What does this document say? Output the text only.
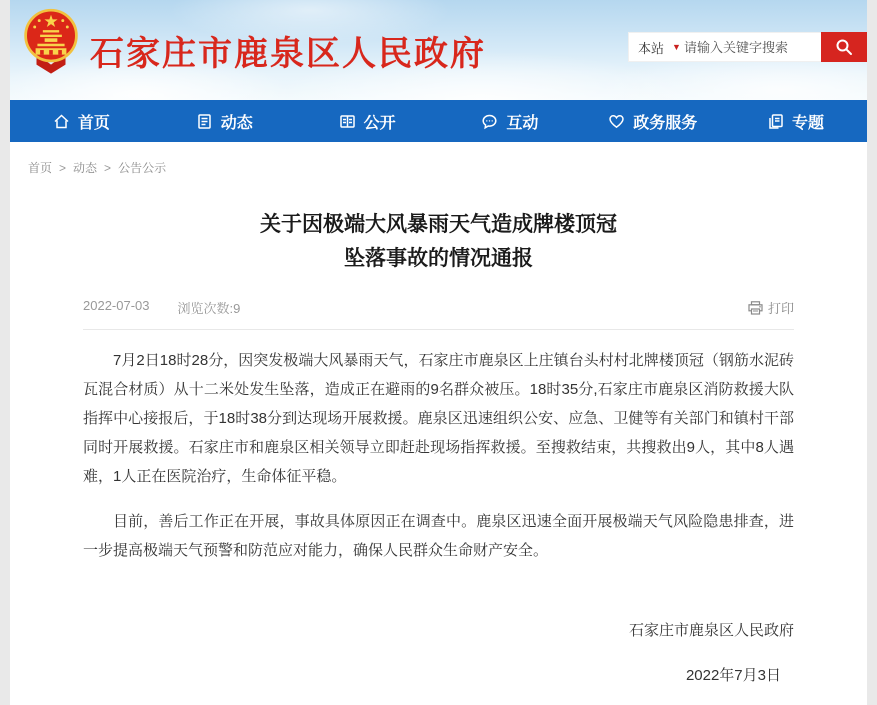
石家庄市鹿泉区人民政府	本站 ▼
请输入关键字搜索
首页	动态	公开	互动	政务服务	专题
首页 > 动态 > 公告公示
关于因极端大风暴雨天气造成牌楼顶冠
坠落事故的情况通报
2022-07-03 浏览次数:9	打印

7月2日18时28分，因突发极端大风暴雨天气，石家庄市鹿泉区上庄镇台头村村北牌楼顶冠（钢筋水泥砖瓦混合材质）从十二米处发生坠落，造成正在避雨的9名群众被压。18时35分,石家庄市鹿泉区消防救援大队指挥中心接报后，于18时38分到达现场开展救援。鹿泉区迅速组织公安、应急、卫健等有关部门和镇村干部同时开展救援。石家庄市和鹿泉区相关领导立即赶赴现场指挥救援。至搜救结束，共搜救出9人，其中8人遇难，1人正在医院治疗，生命体征平稳。

目前，善后工作正在开展，事故具体原因正在调查中。鹿泉区迅速全面开展极端天气风险隐患排查，进一步提高极端天气预警和防范应对能力，确保人民群众生命财产安全。

石家庄市鹿泉区人民政府
2022年7月3日
